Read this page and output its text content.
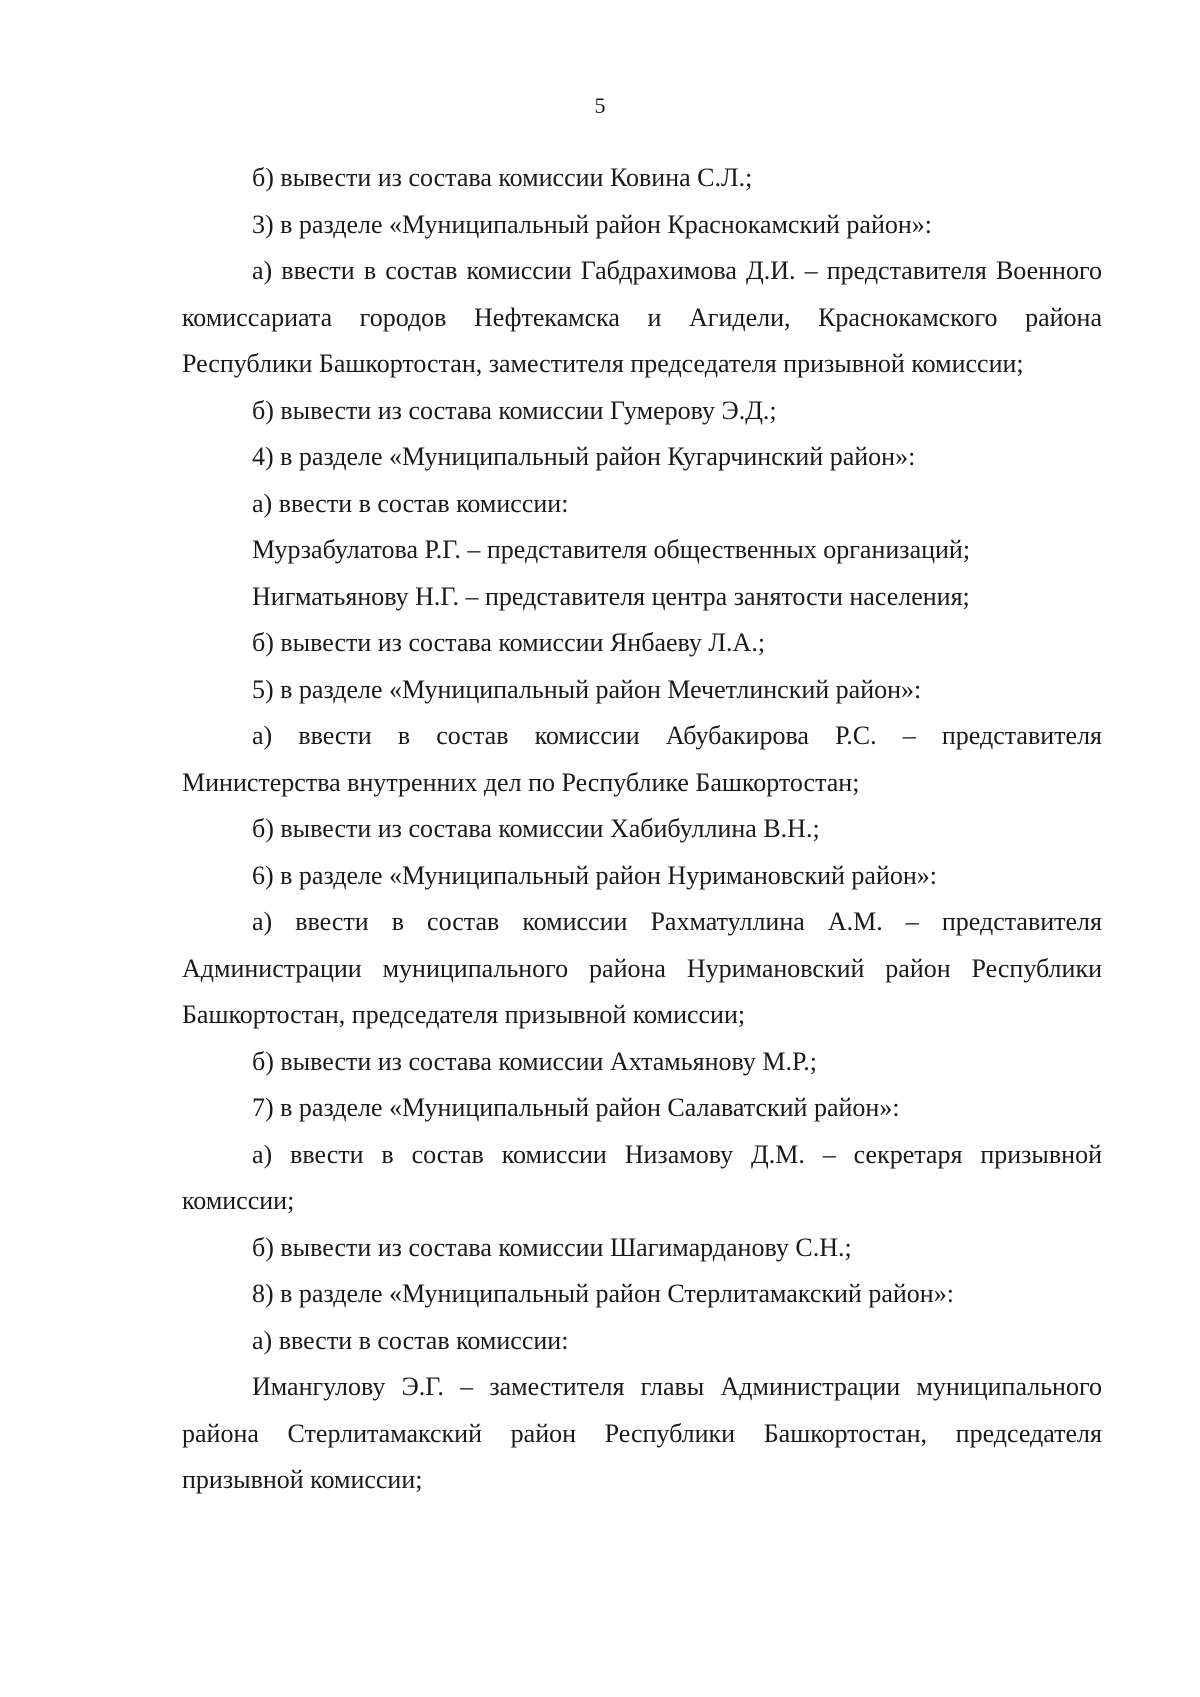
5

б) вывести из состава комиссии Ковина С.Л.;

3) в разделе «Муниципальный район Краснокамский район»:

а) ввести в состав комиссии Габдрахимова Д.И. – представителя Военного комиссариата городов Нефтекамска и Агидели, Краснокамского района Республики Башкортостан, заместителя председателя призывной комиссии;

б) вывести из состава комиссии Гумерову Э.Д.;

4) в разделе «Муниципальный район Кугарчинский район»:

а) ввести в состав комиссии:

Мурзабулатова Р.Г. – представителя общественных организаций;

Нигматьянову Н.Г. – представителя центра занятости населения;

б) вывести из состава комиссии Янбаеву Л.А.;

5) в разделе «Муниципальный район Мечетлинский район»:

а) ввести в состав комиссии Абубакирова Р.С. – представителя Министерства внутренних дел по Республике Башкортостан;

б) вывести из состава комиссии Хабибуллина В.Н.;

6) в разделе «Муниципальный район Нуримановский район»:

а) ввести в состав комиссии Рахматуллина А.М. – представителя Администрации муниципального района Нуримановский район Республики Башкортостан, председателя призывной комиссии;

б) вывести из состава комиссии Ахтамьянову М.Р.;

7) в разделе «Муниципальный район Салаватский район»:

а) ввести в состав комиссии Низамову Д.М. – секретаря призывной комиссии;

б) вывести из состава комиссии Шагимарданову С.Н.;

8) в разделе «Муниципальный район Стерлитамакский район»:

а) ввести в состав комиссии:

Имангулову Э.Г. – заместителя главы Администрации муниципального района Стерлитамакский район Республики Башкортостан, председателя призывной комиссии;
